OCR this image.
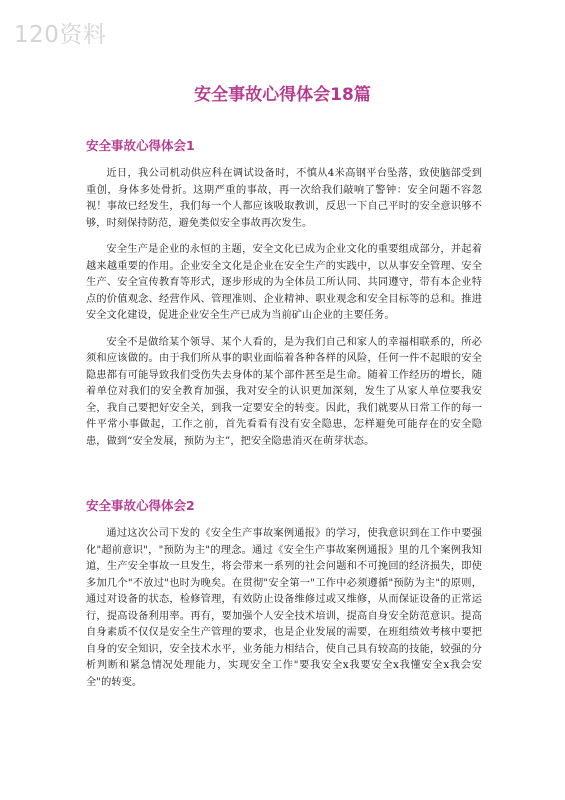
120资料
安全事故心得体会18篇
安全事故心得体会1

近日，我公司机动供应科在调试设备时，不慎从4米高钢平台坠落，致使脑部受到重创，身体多处骨折。这期严重的事故，再一次给我们敲响了警钟：安全问题不容忽视！事故已经发生，我们每一个人都应该吸取教训，反思一下自己平时的安全意识够不够，时刻保持防范，避免类似安全事故再次发生。

安全生产是企业的永恒的主题，安全文化已成为企业文化的重要组成部分，并起着越来越重要的作用。企业安全文化是企业在安全生产的实践中，以从事安全管理、安全生产、安全宣传教育等形式，逐步形成的为全体员工所认同、共同遵守，带有本企业特点的价值观念、经营作风、管理准则、企业精神、职业观念和安全目标等的总和。推进安全文化建设，促进企业安全生产已成为当前矿山企业的主要任务。

安全不是做给某个领导、某个人看的，是为我们自己和家人的幸福相联系的，所必须和应该做的。由于我们所从事的职业面临着各种各样的风险，任何一件不起眼的安全隐患都有可能导致我们受伤失去身体的某个部件甚至是生命。随着工作经历的增长，随着单位对我们的安全教育加强，我对安全的认识更加深刻，发生了从家人单位要我安全，我自己要把好安全关，到我一定要安全的转变。因此，我们就要从日常工作的每一件平常小事做起，工作之前，首先看看有没有安全隐患，怎样避免可能存在的安全隐患，做到“安全发展，预防为主”，把安全隐患消灭在萌芽状态。

安全事故心得体会2

通过这次公司下发的《安全生产事故案例通报》的学习，使我意识到在工作中要强化"超前意识"，"预防为主"的理念。通过《安全生产事故案例通报》里的几个案例我知道，生产安全事故一旦发生，将会带来一系列的社会问题和不可挽回的经济损失，即使多加几个"不放过"也时为晚矣。在贯彻"安全第一"工作中必须遵循"预防为主"的原则，通过对设备的状态，检修管理，有效防止设备维修过或又维修，从而保证设备的正常运行，提高设备利用率。再有，要加强个人安全技术培训，提高自身安全防范意识。提高自身素质不仅仅是安全生产管理的要求，也是企业发展的需要，在班组绩效考核中要把自身的安全知识，安全技术水平，业务能力相结合，使自己具有较高的技能，较强的分析判断和紧急情况处理能力，实现安全工作"要我安全x我要安全x我懂安全x我会安全"的转变。
